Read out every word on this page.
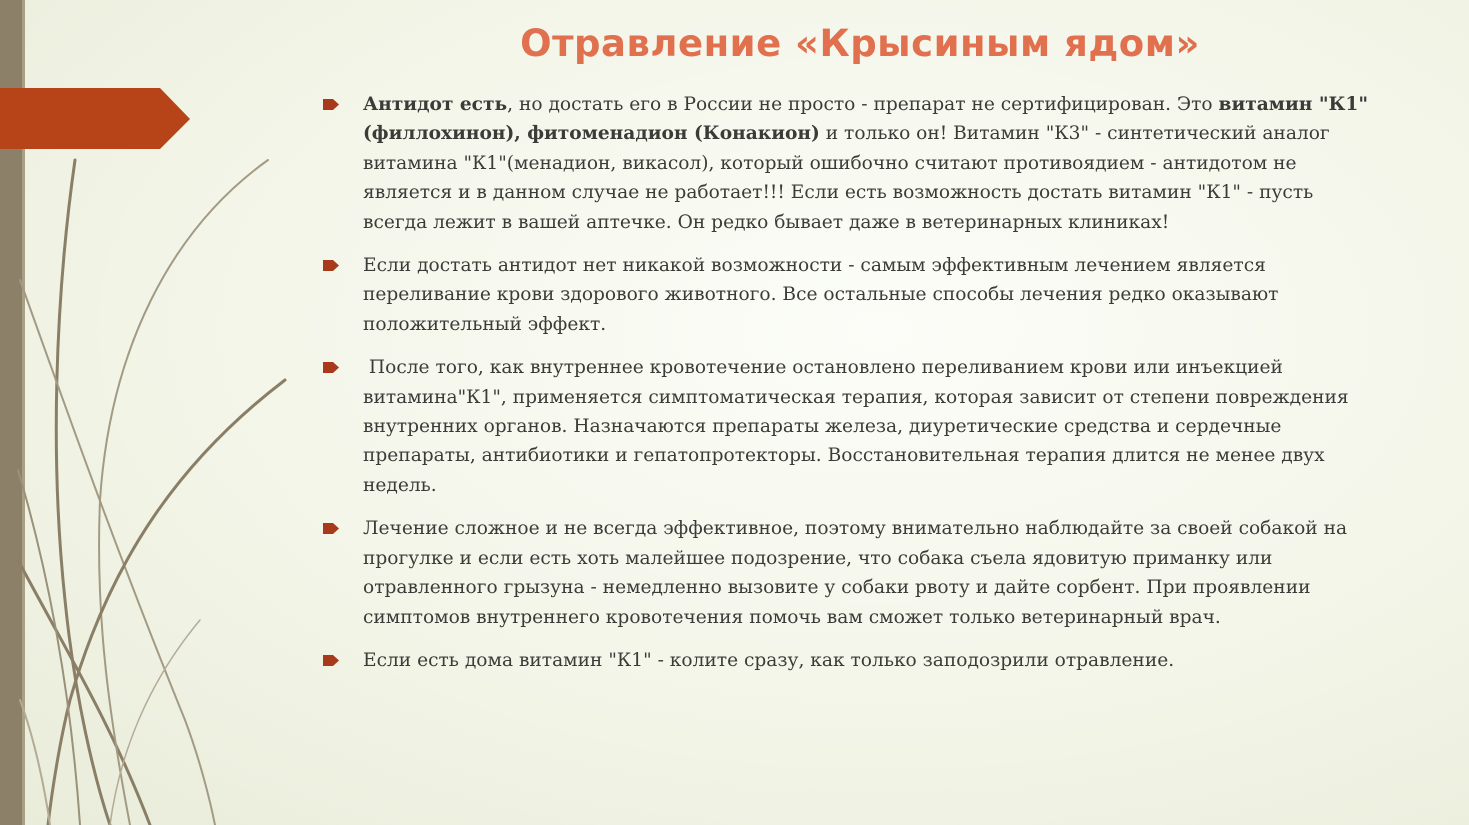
Отравление «Крысиным ядом»
Антидот есть, но достать его в России не просто - препарат не сертифицирован. Это витамин "К1" (филлохинон), фитоменадион (Конакион) и только он! Витамин "К3" - синтетический аналог витамина "К1"(менадион, викасол), который ошибочно считают противоядием - антидотом не является и в данном случае не работает!!! Если есть возможность достать витамин "К1" - пусть всегда лежит в вашей аптечке. Он редко бывает даже в ветеринарных клиниках!
Если достать антидот нет никакой возможности - самым эффективным лечением является переливание крови здорового животного. Все остальные способы лечения редко оказывают положительный эффект.
После того, как внутреннее кровотечение остановлено переливанием крови или инъекцией витамина"К1", применяется симптоматическая терапия, которая зависит от степени повреждения внутренних органов. Назначаются препараты железа, диуретические средства и сердечные препараты, антибиотики и гепатопротекторы. Восстановительная терапия длится не менее двух недель.
Лечение сложное и не всегда эффективное, поэтому внимательно наблюдайте за своей собакой на прогулке и если есть хоть малейшее подозрение, что собака съела ядовитую приманку или отравленного грызуна - немедленно вызовите у собаки рвоту и дайте сорбент. При проявлении симптомов внутреннего кровотечения помочь вам сможет только ветеринарный врач.
Если есть дома витамин "К1" - колите сразу, как только заподозрили отравление.
